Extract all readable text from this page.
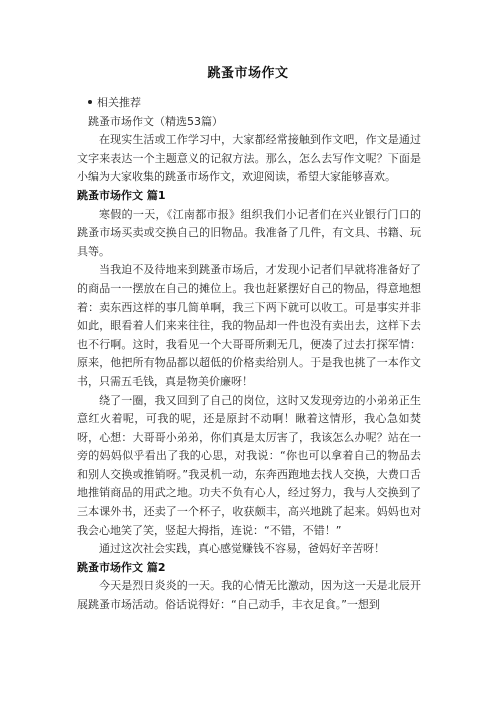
跳蚤市场作文
相关推荐
跳蚤市场作文（精选53篇）

在现实生活或工作学习中，大家都经常接触到作文吧，作文是通过文字来表达一个主题意义的记叙方法。那么，怎么去写作文呢？下面是小编为大家收集的跳蚤市场作文，欢迎阅读，希望大家能够喜欢。

跳蚤市场作文 篇1

寒假的一天，《江南都市报》组织我们小记者们在兴业银行门口的跳蚤市场买卖或交换自己的旧物品。我准备了几件，有文具、书籍、玩具等。

当我迫不及待地来到跳蚤市场后，才发现小记者们早就将准备好了的商品一一摆放在自己的摊位上。我也赶紧摆好自己的物品，得意地想着：卖东西这样的事几简单啊，我三下两下就可以收工。可是事实并非如此，眼看着人们来来往往，我的物品却一件也没有卖出去，这样下去也不行啊。这时，我看见一个大哥哥所剩无几，便凑了过去打探军情：原来，他把所有物品都以超低的价格卖给别人。于是我也挑了一本作文书，只需五毛钱，真是物美价廉呀！

绕了一圈，我又回到了自己的岗位，这时又发现旁边的小弟弟正生意红火着呢，可我的呢，还是原封不动啊！瞅着这情形，我心急如焚呀，心想：大哥哥小弟弟，你们真是太厉害了，我该怎么办呢？站在一旁的妈妈似乎看出了我的心思，对我说：“你也可以拿着自己的物品去和别人交换或推销呀。”我灵机一动，东奔西跑地去找人交换，大费口舌地推销商品的用武之地。功夫不负有心人，经过努力，我与人交换到了三本课外书，还卖了一个杯子，收获颇丰，高兴地跳了起来。妈妈也对我会心地笑了笑，竖起大拇指，连说：“不错，不错！”

通过这次社会实践，真心感觉赚钱不容易，爸妈好辛苦呀！

跳蚤市场作文 篇2

今天是烈日炎炎的一天。我的心情无比激动，因为这一天是北辰开展跳蚤市场活动。俗话说得好：“自己动手，丰衣足食。”一想到
